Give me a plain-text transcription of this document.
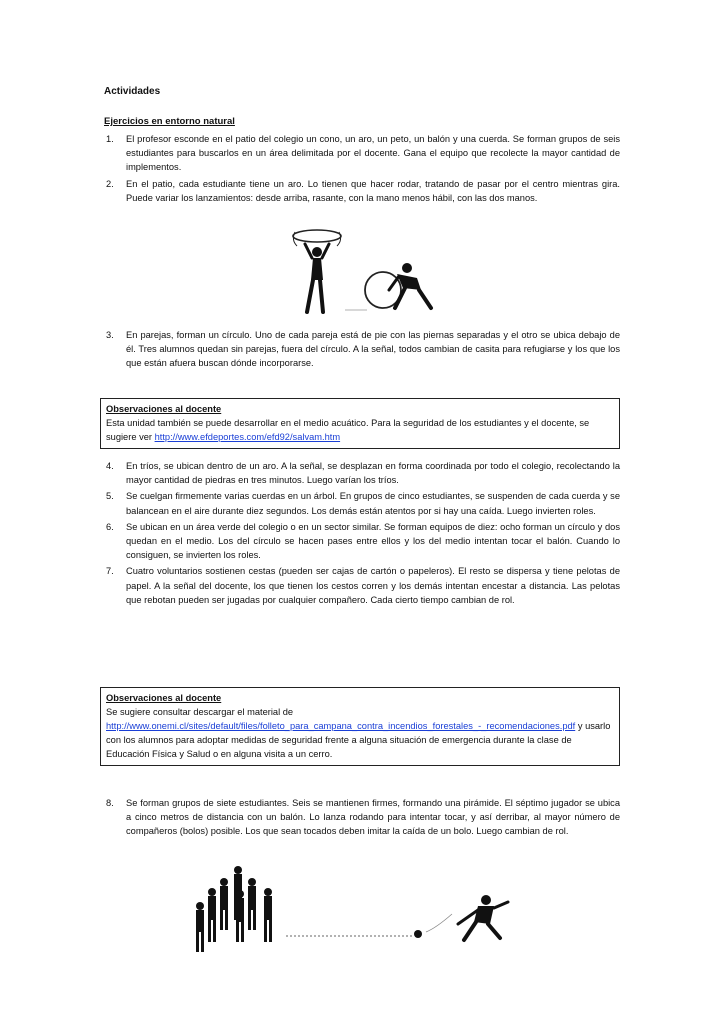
Actividades
Ejercicios en entorno natural
1. El profesor esconde en el patio del colegio un cono, un aro, un peto, un balón y una cuerda. Se forman grupos de seis estudiantes para buscarlos en un área delimitada por el docente. Gana el equipo que recolecte la mayor cantidad de implementos.
2. En el patio, cada estudiante tiene un aro. Lo tienen que hacer rodar, tratando de pasar por el centro mientras gira. Puede variar los lanzamientos: desde arriba, rasante, con la mano menos hábil, con las dos manos.
3. En parejas, forman un círculo. Uno de cada pareja está de pie con las piernas separadas y el otro se ubica debajo de él. Tres alumnos quedan sin parejas, fuera del círculo. A la señal, todos cambian de casita para refugiarse y los que los que están afuera buscan dónde incorporarse.
Observaciones al docente
Esta unidad también se puede desarrollar en el medio acuático. Para la seguridad de los estudiantes y el docente, se sugiere ver http://www.efdeportes.com/efd92/salvam.htm
4. En tríos, se ubican dentro de un aro. A la señal, se desplazan en forma coordinada por todo el colegio, recolectando la mayor cantidad de piedras en tres minutos. Luego varían los tríos.
5. Se cuelgan firmemente varias cuerdas en un árbol. En grupos de cinco estudiantes, se suspenden de cada cuerda y se balancean en el aire durante diez segundos. Los demás están atentos por si hay una caída. Luego invierten roles.
6. Se ubican en un área verde del colegio o en un sector similar. Se forman equipos de diez: ocho forman un círculo y dos quedan en el medio. Los del círculo se hacen pases entre ellos y los del medio intentan tocar el balón. Cuando lo consiguen, se invierten los roles.
7. Cuatro voluntarios sostienen cestas (pueden ser cajas de cartón o papeleros). El resto se dispersa y tiene pelotas de papel. A la señal del docente, los que tienen los cestos corren y los demás intentan encestar a distancia. Las pelotas que rebotan pueden ser jugadas por cualquier compañero. Cada cierto tiempo cambian de rol.
Observaciones al docente
Se sugiere consultar descargar el material de
http://www.onemi.cl/sites/default/files/folleto_para_campana_contra_incendios_forestales_-_recomendaciones.pdf y usarlo con los alumnos para adoptar medidas de seguridad frente a alguna situación de emergencia durante la clase de Educación Física y Salud o en alguna visita a un cerro.
8. Se forman grupos de siete estudiantes. Seis se mantienen firmes, formando una pirámide. El séptimo jugador se ubica a cinco metros de distancia con un balón. Lo lanza rodando para intentar tocar, y así derribar, al mayor número de compañeros (bolos) posible. Los que sean tocados deben imitar la caída de un bolo. Luego cambian de rol.
